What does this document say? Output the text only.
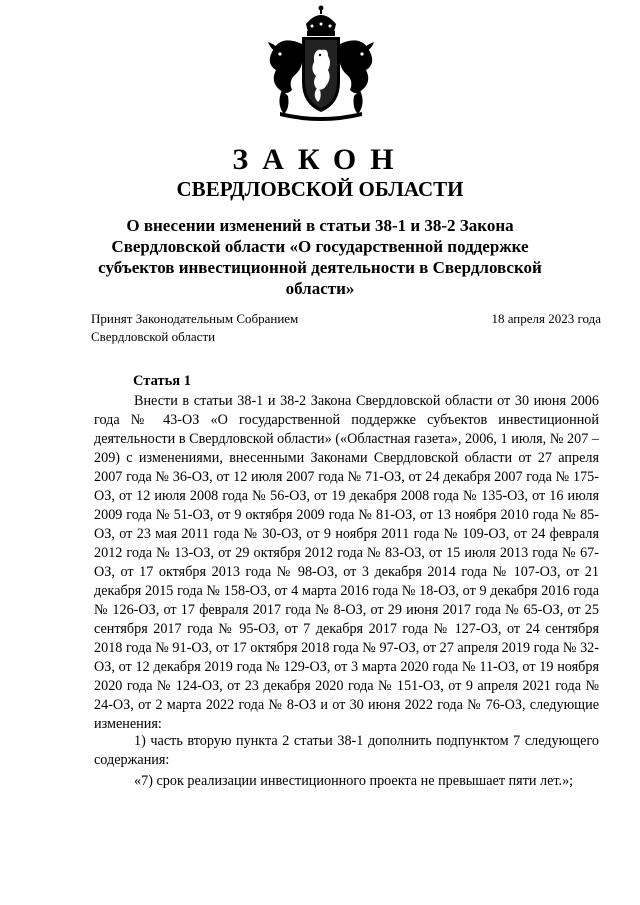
ЗАКОН
СВЕРДЛОВСКОЙ ОБЛАСТИ
О внесении изменений в статьи 38-1 и 38-2 Закона Свердловской области «О государственной поддержке субъектов инвестиционной деятельности в Свердловской области»
Принят Законодательным Собранием Свердловской области
18 апреля 2023 года
Статья 1
Внести в статьи 38-1 и 38-2 Закона Свердловской области от 30 июня 2006 года № 43-ОЗ «О государственной поддержке субъектов инвестиционной деятельности в Свердловской области» («Областная газета», 2006, 1 июля, № 207 – 209) с изменениями, внесенными Законами Свердловской области от 27 апреля 2007 года № 36-ОЗ, от 12 июля 2007 года № 71-ОЗ, от 24 декабря 2007 года № 175-ОЗ, от 12 июля 2008 года № 56-ОЗ, от 19 декабря 2008 года № 135-ОЗ, от 16 июля 2009 года № 51-ОЗ, от 9 октября 2009 года № 81-ОЗ, от 13 ноября 2010 года № 85-ОЗ, от 23 мая 2011 года № 30-ОЗ, от 9 ноября 2011 года № 109-ОЗ, от 24 февраля 2012 года № 13-ОЗ, от 29 октября 2012 года № 83-ОЗ, от 15 июля 2013 года № 67-ОЗ, от 17 октября 2013 года № 98-ОЗ, от 3 декабря 2014 года № 107-ОЗ, от 21 декабря 2015 года № 158-ОЗ, от 4 марта 2016 года № 18-ОЗ, от 9 декабря 2016 года № 126-ОЗ, от 17 февраля 2017 года № 8-ОЗ, от 29 июня 2017 года № 65-ОЗ, от 25 сентября 2017 года № 95-ОЗ, от 7 декабря 2017 года № 127-ОЗ, от 24 сентября 2018 года № 91-ОЗ, от 17 октября 2018 года № 97-ОЗ, от 27 апреля 2019 года № 32-ОЗ, от 12 декабря 2019 года № 129-ОЗ, от 3 марта 2020 года № 11-ОЗ, от 19 ноября 2020 года № 124-ОЗ, от 23 декабря 2020 года № 151-ОЗ, от 9 апреля 2021 года № 24-ОЗ, от 2 марта 2022 года № 8-ОЗ и от 30 июня 2022 года № 76-ОЗ, следующие изменения:
1) часть вторую пункта 2 статьи 38-1 дополнить подпунктом 7 следующего содержания:
«7) срок реализации инвестиционного проекта не превышает пяти лет.»;
